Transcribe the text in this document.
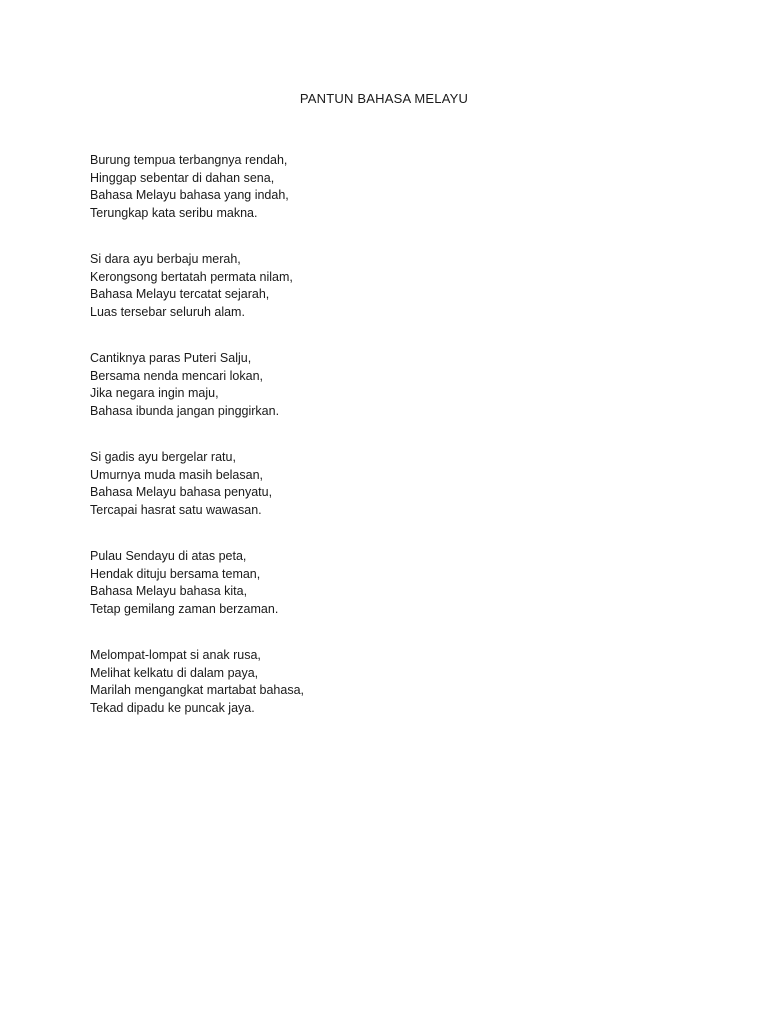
PANTUN BAHASA MELAYU
Burung tempua terbangnya rendah,
Hinggap sebentar di dahan sena,
Bahasa Melayu bahasa yang indah,
Terungkap kata seribu makna.
Si dara ayu berbaju merah,
Kerongsong bertatah permata nilam,
Bahasa Melayu tercatat sejarah,
Luas tersebar seluruh alam.
Cantiknya paras Puteri Salju,
Bersama nenda mencari lokan,
Jika negara ingin maju,
Bahasa ibunda jangan pinggirkan.
Si gadis ayu bergelar ratu,
Umurnya muda masih belasan,
Bahasa Melayu bahasa penyatu,
Tercapai hasrat satu wawasan.
Pulau Sendayu di atas peta,
Hendak dituju bersama teman,
Bahasa Melayu bahasa kita,
Tetap gemilang zaman berzaman.
Melompat-lompat si anak rusa,
Melihat kelkatu di dalam paya,
Marilah mengangkat martabat bahasa,
Tekad dipadu ke puncak jaya.
